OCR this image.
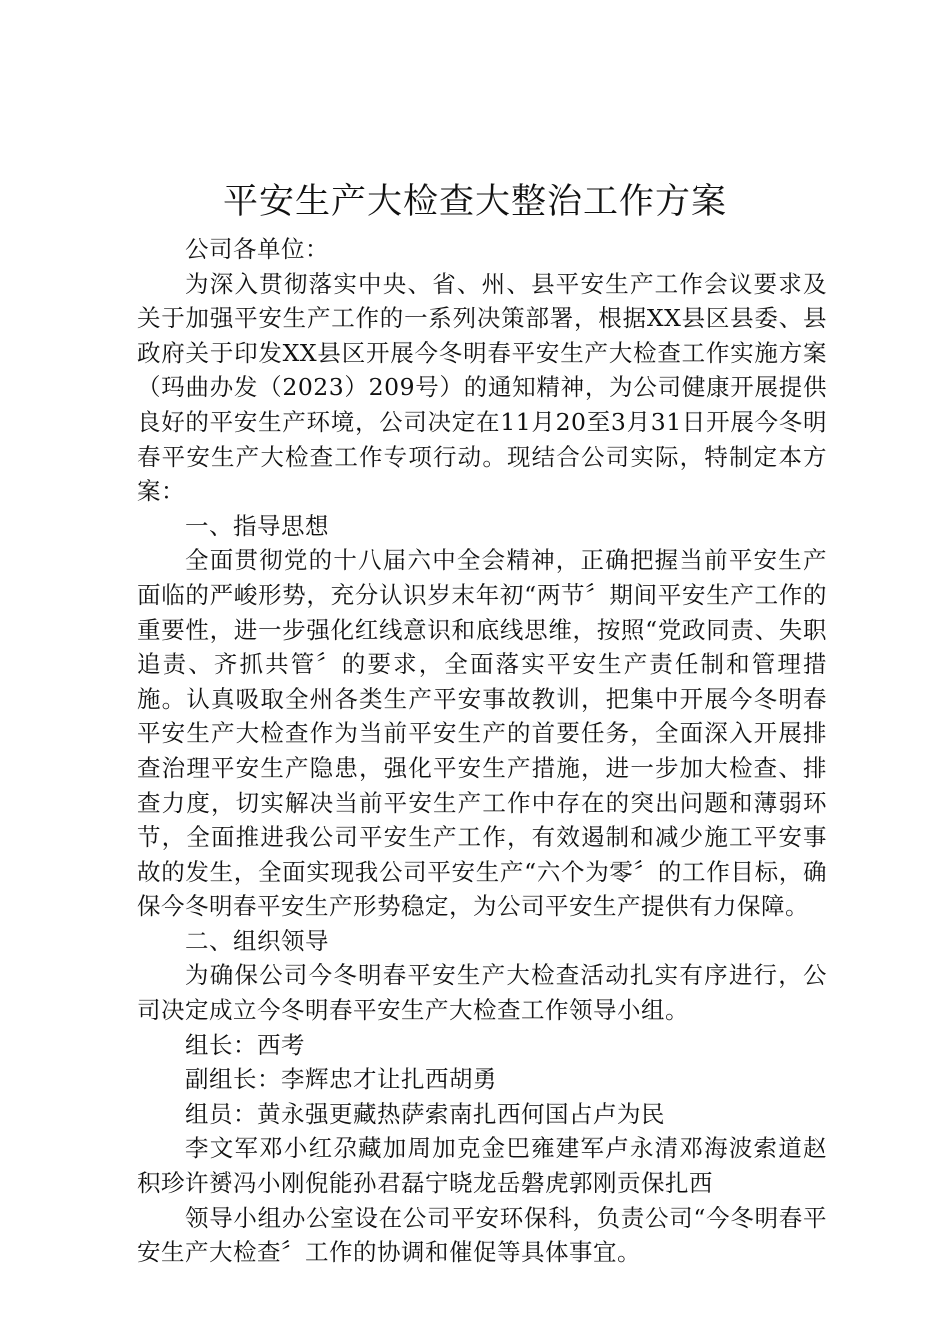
平安生产大检查大整治工作方案

公司各单位：

为深入贯彻落实中央、省、州、县平安生产工作会议要求及关于加强平安生产工作的一系列决策部署，根据XX县区县委、县政府关于印发XX县区开展今冬明春平安生产大检查工作实施方案（玛曲办发（2023）209号）的通知精神，为公司健康开展提供良好的平安生产环境，公司决定在11月20至3月31日开展今冬明春平安生产大检查工作专项行动。现结合公司实际，特制定本方案：

一、指导思想

全面贯彻党的十八届六中全会精神，正确把握当前平安生产面临的严峻形势，充分认识岁末年初“两节〞期间平安生产工作的重要性，进一步强化红线意识和底线思维，按照“党政同责、失职追责、齐抓共管〞的要求，全面落实平安生产责任制和管理措施。认真吸取全州各类生产平安事故教训，把集中开展今冬明春平安生产大检查作为当前平安生产的首要任务，全面深入开展排查治理平安生产隐患，强化平安生产措施，进一步加大检查、排查力度，切实解决当前平安生产工作中存在的突出问题和薄弱环节，全面推进我公司平安生产工作，有效遏制和减少施工平安事故的发生，全面实现我公司平安生产“六个为零〞的工作目标，确保今冬明春平安生产形势稳定，为公司平安生产提供有力保障。

二、组织领导

为确保公司今冬明春平安生产大检查活动扎实有序进行，公司决定成立今冬明春平安生产大检查工作领导小组。

组长：西考

副组长：李辉忠才让扎西胡勇

组员：黄永强更藏热萨索南扎西何国占卢为民

李文军邓小红尕藏加周加克金巴雍建军卢永清邓海波索道赵积珍许赟冯小刚倪能孙君磊宁晓龙岳磐虎郭刚贡保扎西

领导小组办公室设在公司平安环保科，负责公司“今冬明春平安生产大检查〞工作的协调和催促等具体事宜。
